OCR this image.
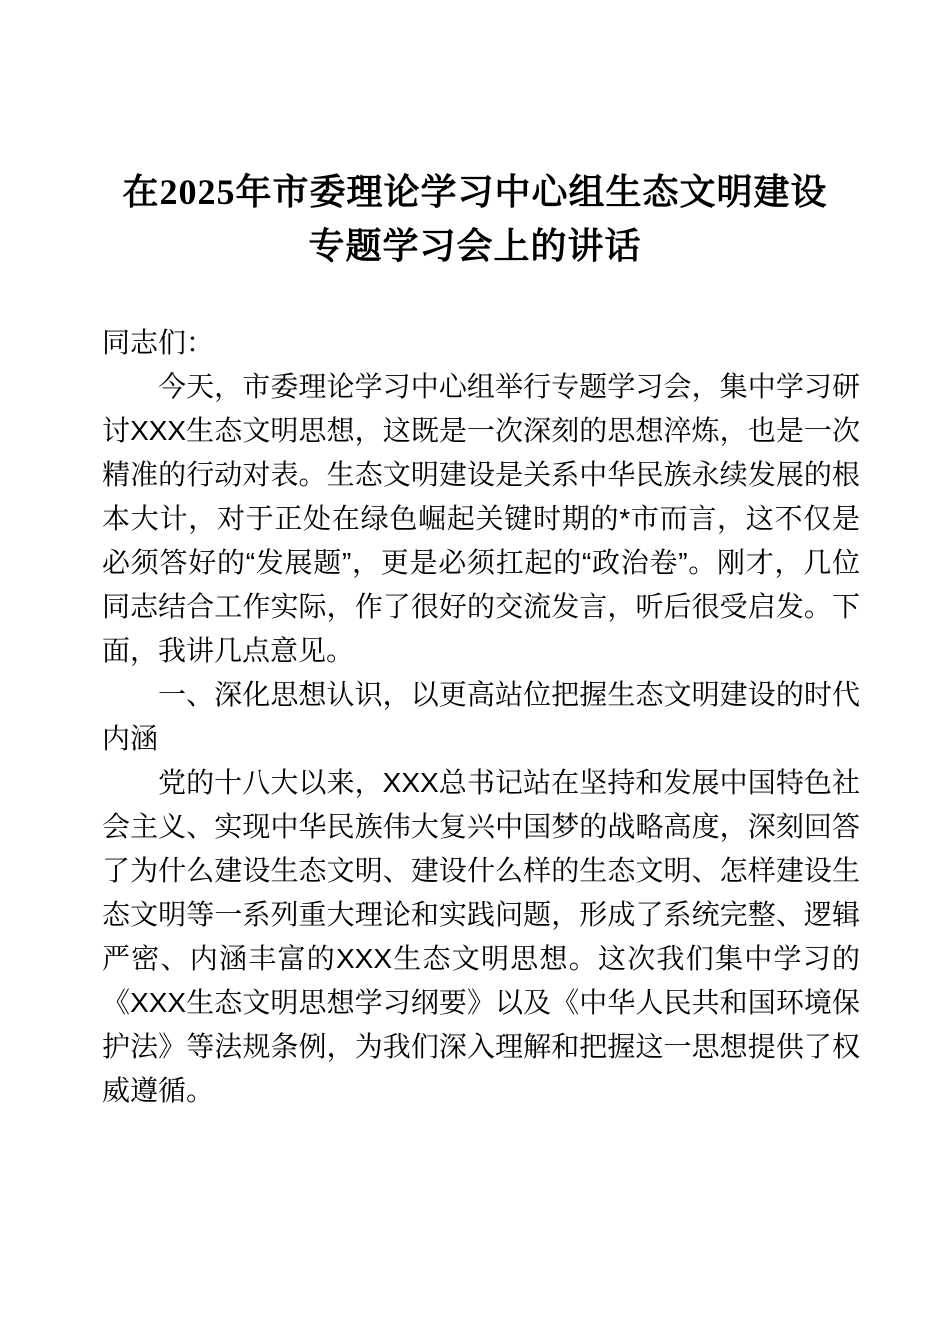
在2025年市委理论学习中心组生态文明建设专题学习会上的讲话

同志们：

今天，市委理论学习中心组举行专题学习会，集中学习研讨XXX生态文明思想，这既是一次深刻的思想淬炼，也是一次精准的行动对表。生态文明建设是关系中华民族永续发展的根本大计，对于正处在绿色崛起关键时期的*市而言，这不仅是必须答好的“发展题”，更是必须扛起的“政治卷”。刚才，几位同志结合工作实际，作了很好的交流发言，听后很受启发。下面，我讲几点意见。

一、深化思想认识，以更高站位把握生态文明建设的时代内涵

党的十八大以来，XXX总书记站在坚持和发展中国特色社会主义、实现中华民族伟大复兴中国梦的战略高度，深刻回答了为什么建设生态文明、建设什么样的生态文明、怎样建设生态文明等一系列重大理论和实践问题，形成了系统完整、逻辑严密、内涵丰富的XXX生态文明思想。这次我们集中学习的《XXX生态文明思想学习纲要》以及《中华人民共和国环境保护法》等法规条例，为我们深入理解和把握这一思想提供了权威遵循。
